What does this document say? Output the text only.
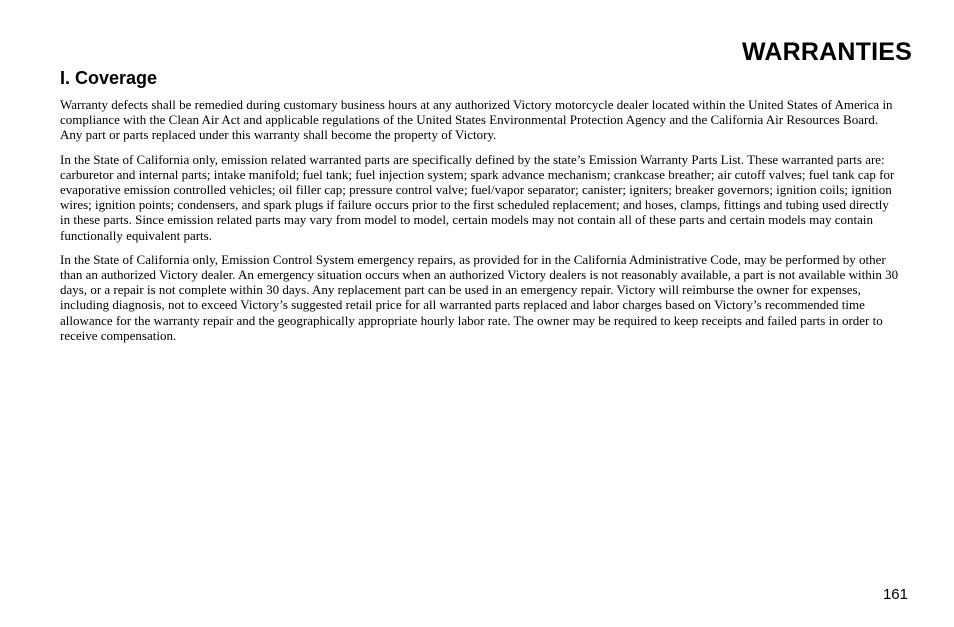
WARRANTIES
I. Coverage

Warranty defects shall be remedied during customary business hours at any authorized Victory motorcycle dealer located within the United States of America in compliance with the Clean Air Act and applicable regulations of the United States Environmental Protection Agency and the California Air Resources Board. Any part or parts replaced under this warranty shall become the property of Victory.

In the State of California only, emission related warranted parts are specifically defined by the state’s Emission Warranty Parts List. These warranted parts are: carburetor and internal parts; intake manifold; fuel tank; fuel injection system; spark advance mechanism; crankcase breather; air cutoff valves; fuel tank cap for evaporative emission controlled vehicles; oil filler cap; pressure control valve; fuel/vapor separator; canister; igniters; breaker governors; ignition coils; ignition wires; ignition points; condensers, and spark plugs if failure occurs prior to the first scheduled replacement; and hoses, clamps, fittings and tubing used directly in these parts. Since emission related parts may vary from model to model, certain models may not contain all of these parts and certain models may contain functionally equivalent parts.

In the State of California only, Emission Control System emergency repairs, as provided for in the California Administrative Code, may be performed by other than an authorized Victory dealer. An emergency situation occurs when an authorized Victory dealers is not reasonably available, a part is not available within 30 days, or a repair is not complete within 30 days. Any replacement part can be used in an emergency repair. Victory will reimburse the owner for expenses, including diagnosis, not to exceed Victory’s suggested retail price for all warranted parts replaced and labor charges based on Victory’s recommended time allowance for the warranty repair and the geographically appropriate hourly labor rate. The owner may be required to keep receipts and failed parts in order to receive compensation.

161
